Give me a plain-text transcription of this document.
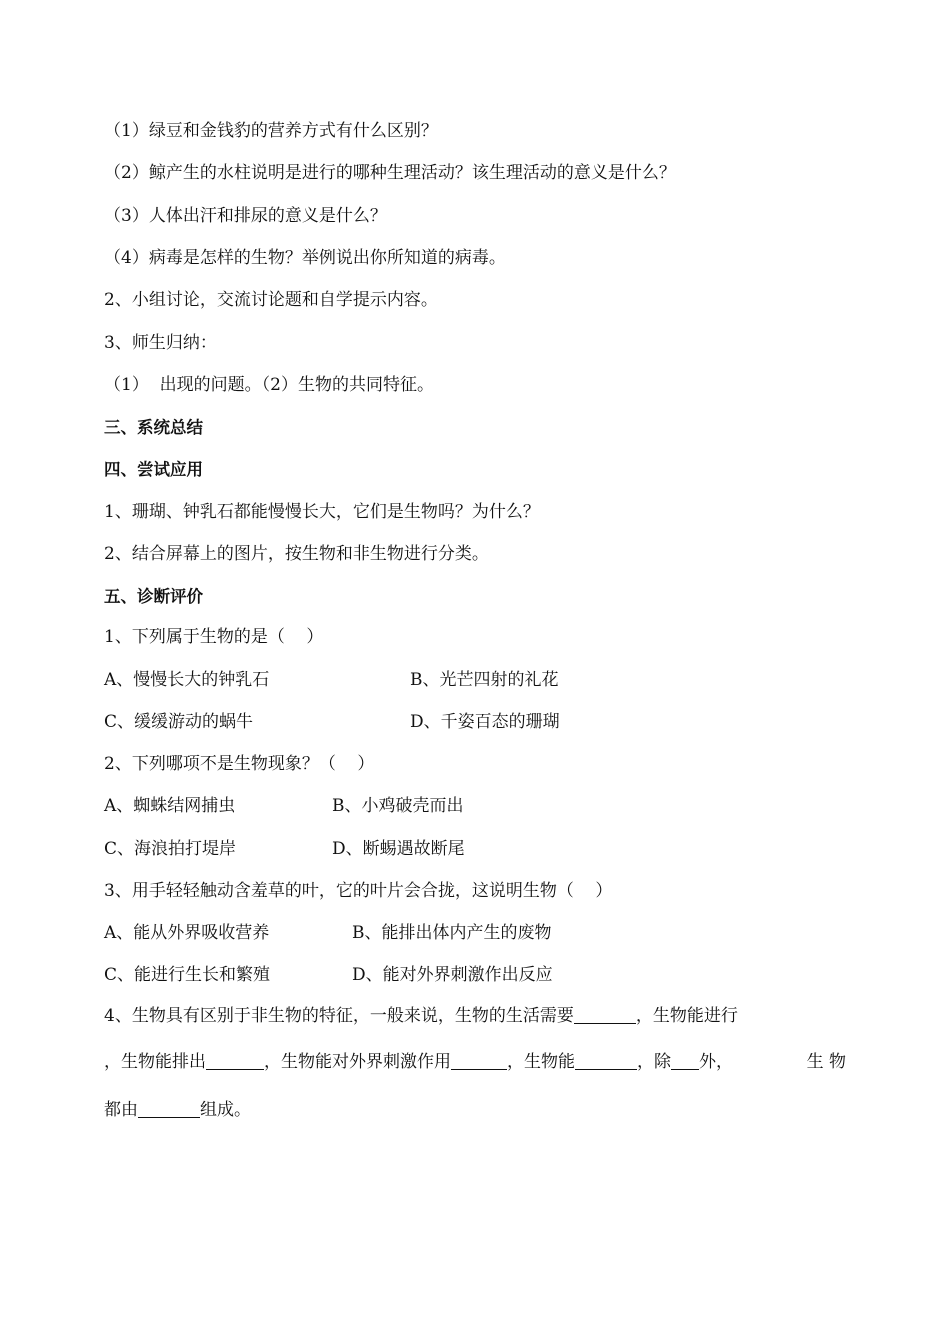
（1）绿豆和金钱豹的营养方式有什么区别？
（2）鲸产生的水柱说明是进行的哪种生理活动？该生理活动的意义是什么？
（3）人体出汗和排尿的意义是什么？
（4）病毒是怎样的生物？举例说出你所知道的病毒。
2、小组讨论，交流讨论题和自学提示内容。
3、师生归纳：
（1）  出现的问题。（2）生物的共同特征。
三、系统总结
四、尝试应用
1、珊瑚、钟乳石都能慢慢长大，它们是生物吗？为什么？
2、结合屏幕上的图片，按生物和非生物进行分类。
五、诊断评价
1、下列属于生物的是（    ）
A、慢慢长大的钟乳石	B、光芒四射的礼花
C、缓缓游动的蜗牛	D、千姿百态的珊瑚
2、下列哪项不是生物现象？（    ）
A、蜘蛛结网捕虫	B、小鸡破壳而出
C、海浪拍打堤岸	D、断蜴遇故断尾
3、用手轻轻触动含羞草的叶，它的叶片会合拢，这说明生物（    ）
A、能从外界吸收营养	B、能排出体内产生的废物
C、能进行生长和繁殖	D、能对外界刺激作出反应
4、生物具有区别于非生物的特征，一般来说，生物的生活需要	，生物能进行
，生物能排出	，生物能对外界刺激作用	，生物能	，除 外，	生 物
都由	组成。
